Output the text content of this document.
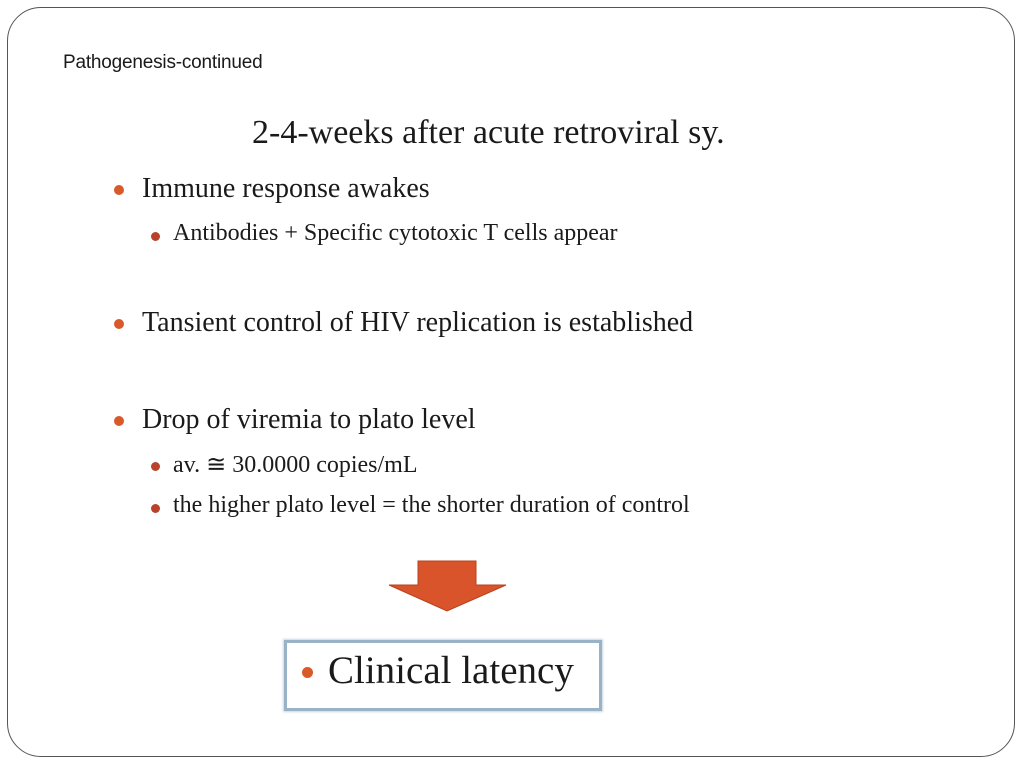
Pathogenesis-continued
2-4-weeks after acute retroviral sy.
Immune response awakes
Antibodies + Specific cytotoxic T cells appear
Tansient control of HIV replication is established
Drop of viremia to plato level
av. ≅ 30.0000 copies/mL
the higher plato level = the shorter duration of control
Clinical latency
